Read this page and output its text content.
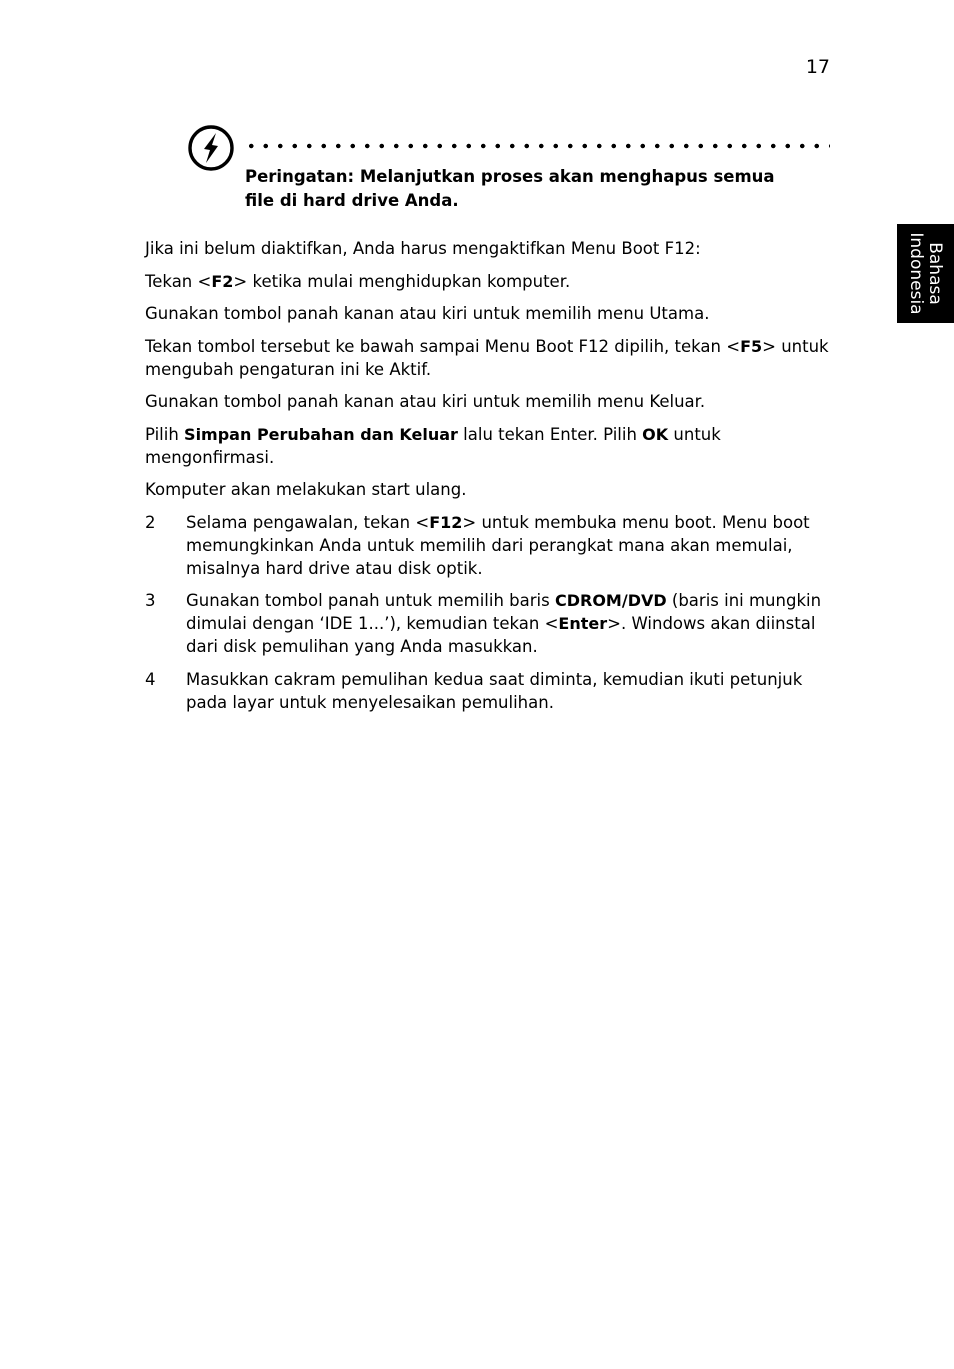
17
Bahasa
Indonesia
Peringatan: Melanjutkan proses akan menghapus semua file di hard drive Anda.

Jika ini belum diaktifkan, Anda harus mengaktifkan Menu Boot F12:

Tekan <F2> ketika mulai menghidupkan komputer.

Gunakan tombol panah kanan atau kiri untuk memilih menu Utama.

Tekan tombol tersebut ke bawah sampai Menu Boot F12 dipilih, tekan <F5> untuk mengubah pengaturan ini ke Aktif.

Gunakan tombol panah kanan atau kiri untuk memilih menu Keluar.

Pilih Simpan Perubahan dan Keluar lalu tekan Enter. Pilih OK untuk mengonfirmasi.

Komputer akan melakukan start ulang.

2	Selama pengawalan, tekan <F12> untuk membuka menu boot. Menu boot memungkinkan Anda untuk memilih dari perangkat mana akan memulai, misalnya hard drive atau disk optik.
3	Gunakan tombol panah untuk memilih baris CDROM/DVD (baris ini mungkin dimulai dengan ‘IDE 1...’), kemudian tekan <Enter>. Windows akan diinstal dari disk pemulihan yang Anda masukkan.
4	Masukkan cakram pemulihan kedua saat diminta, kemudian ikuti petunjuk pada layar untuk menyelesaikan pemulihan.
